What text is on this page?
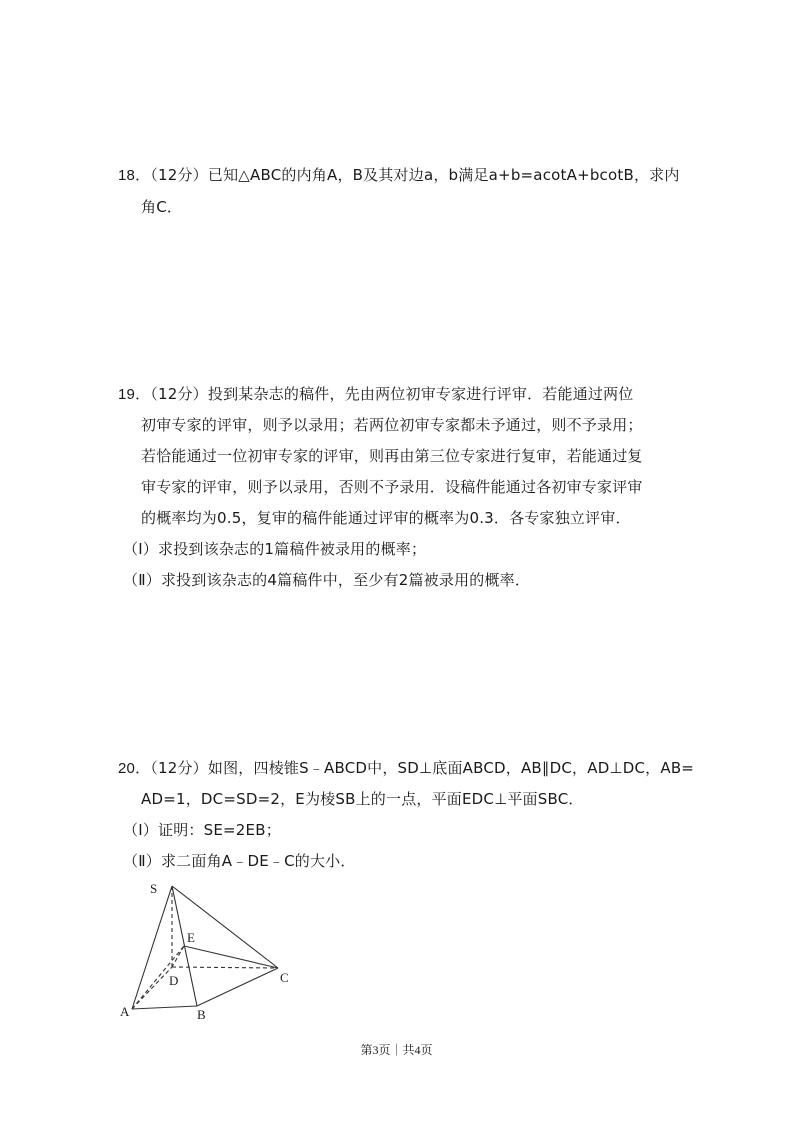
18．（12分）已知△ABC的内角A，B及其对边a，b满足a+b=acotA+bcotB，求内
角C．
19．（12分）投到某杂志的稿件，先由两位初审专家进行评审．若能通过两位
初审专家的评审，则予以录用；若两位初审专家都未予通过，则不予录用；
若恰能通过一位初审专家的评审，则再由第三位专家进行复审，若能通过复
审专家的评审，则予以录用，否则不予录用．设稿件能通过各初审专家评审
的概率均为0.5，复审的稿件能通过评审的概率为0.3．各专家独立评审．
（Ⅰ）求投到该杂志的1篇稿件被录用的概率；
（Ⅱ）求投到该杂志的4篇稿件中，至少有2篇被录用的概率．
20．（12分）如图，四棱锥S﹣ABCD中，SD⊥底面ABCD，AB∥DC，AD⊥DC，AB=
AD=1，DC=SD=2，E为棱SB上的一点，平面EDC⊥平面SBC．
（Ⅰ）证明：SE=2EB；
（Ⅱ）求二面角A﹣DE﹣C的大小．
S
E
D	C
A	B
第3页｜共4页
